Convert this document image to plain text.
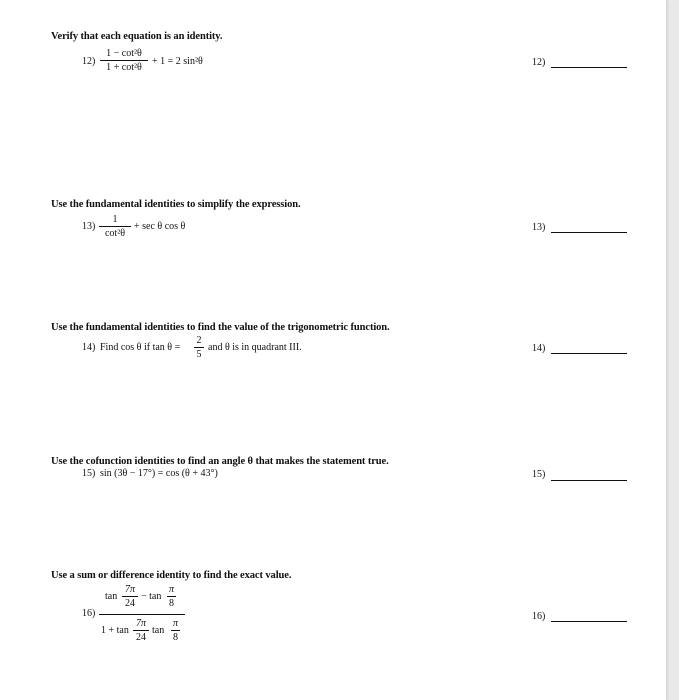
Verify that each equation is an identity.
12)
1 − cot²θ
1 + cot²θ
+ 1 = 2 sin²θ	12)
Use the fundamental identities to simplify the expression.
13)
1
cot²θ
+ sec θ cos θ	13)
Use the fundamental identities to find the value of the trigonometric function.
14) Find cos θ if tan θ =
2
5
and θ is in quadrant III.	14)
Use the cofunction identities to find an angle θ that makes the statement true.
15) sin (3θ − 17°) = cos (θ + 43°)	15)
Use a sum or difference identity to find the exact value.
16)
tan
7π
24
− tan
π
8
1 + tan
7π
24
tan
π
8
16)
